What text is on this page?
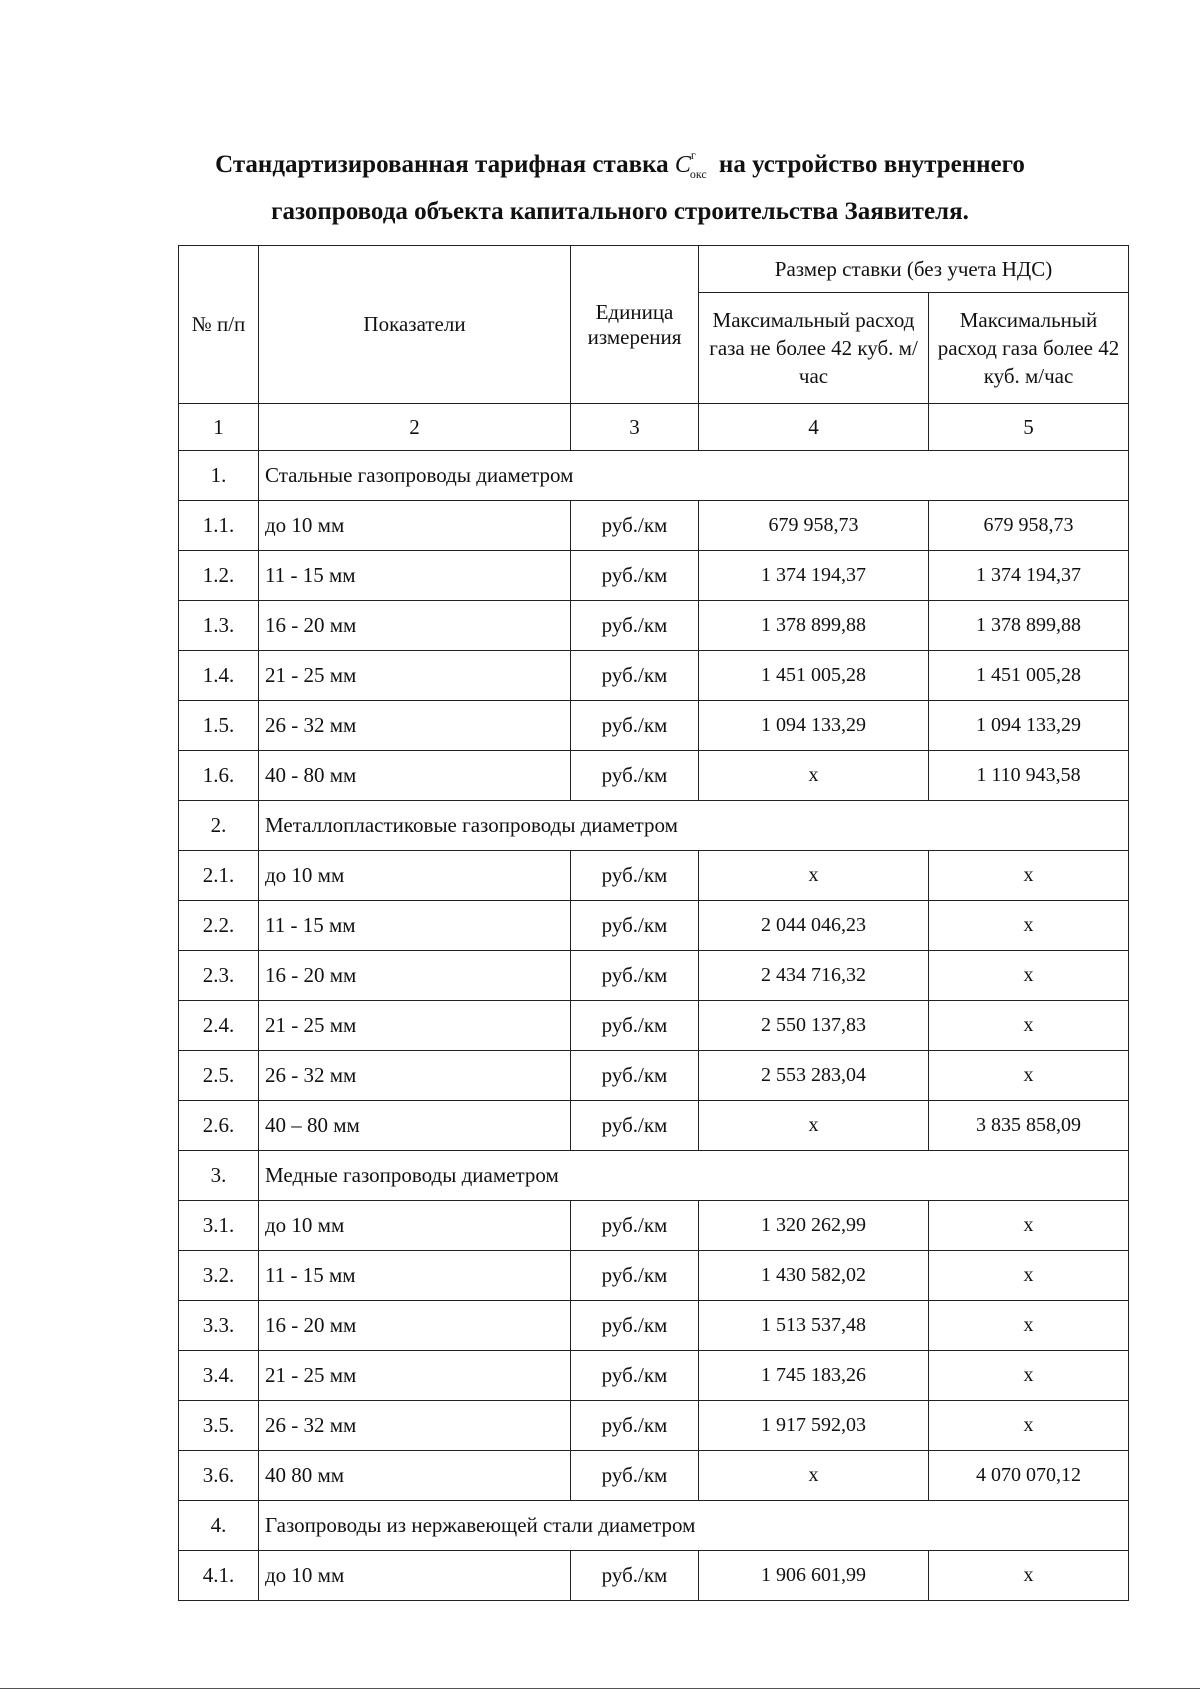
Стандартизированная тарифная ставка $С^г_{окс}$ на устройство внутреннего
газопровода объекта капитального строительства Заявителя.
№ п/п	Показатели	Единица измерения	Размер ставки (без учета НДС)	
			Максимальный расход газа не более 42 куб. м/час	Максимальный расход газа более 42 куб. м/час
1	2	3	4	5
1.	Стальные газопроводы диаметром			
1.1.	до 10 мм	руб./км	679 958,73	679 958,73
1.2.	11 - 15 мм	руб./км	1 374 194,37	1 374 194,37
1.3.	16 - 20 мм	руб./км	1 378 899,88	1 378 899,88
1.4.	21 - 25 мм	руб./км	1 451 005,28	1 451 005,28
1.5.	26 - 32 мм	руб./км	1 094 133,29	1 094 133,29
1.6.	40 - 80 мм	руб./км	x	1 110 943,58
2.	Металлопластиковые газопроводы диаметром			
2.1.	до 10 мм	руб./км	x	x
2.2.	11 - 15 мм	руб./км	2 044 046,23	x
2.3.	16 - 20 мм	руб./км	2 434 716,32	x
2.4.	21 - 25 мм	руб./км	2 550 137,83	x
2.5.	26 - 32 мм	руб./км	2 553 283,04	x
2.6.	40 – 80 мм	руб./км	x	3 835 858,09
3.	Медные газопроводы диаметром			
3.1.	до 10 мм	руб./км	1 320 262,99	x
3.2.	11 - 15 мм	руб./км	1 430 582,02	x
3.3.	16 - 20 мм	руб./км	1 513 537,48	x
3.4.	21 - 25 мм	руб./км	1 745 183,26	x
3.5.	26 - 32 мм	руб./км	1 917 592,03	x
3.6.	40 80 мм	руб./км	x	4 070 070,12
4.	Газопроводы из нержавеющей стали диаметром			
4.1.	до 10 мм	руб./км	1 906 601,99	x
